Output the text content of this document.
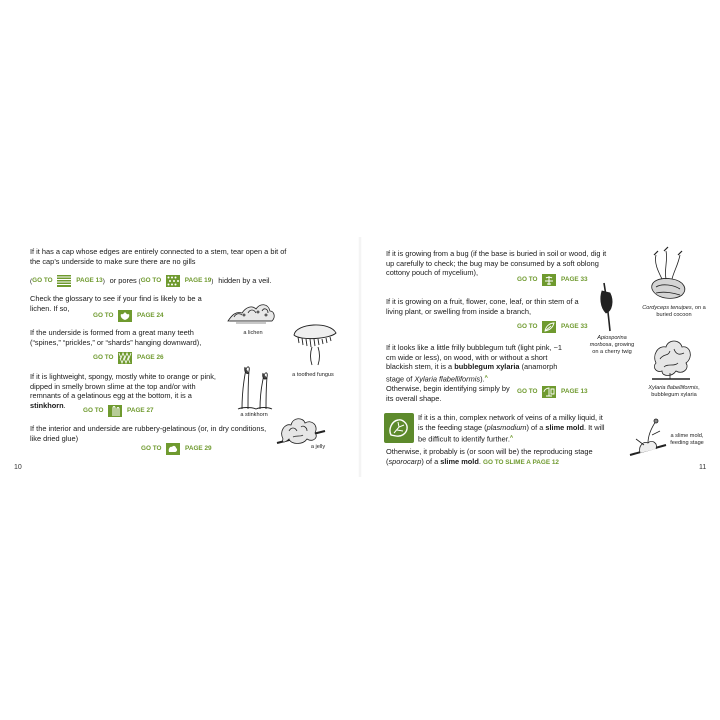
If it has a cap whose edges are entirely connected to a stem, tear open a bit of the cap’s underside to make sure there are no gills
(GO TO	PAGE 13) or pores (GO TO	PAGE 19) hidden by a veil.
Check the glossary to see if your find is likely to be a lichen. If so,
GO TO	PAGE 24
If the underside is formed from a great many teeth (“spines,” “prickles,” or “shards” hanging downward),
GO TO	PAGE 26
If it is lightweight, spongy, mostly white to orange or pink, dipped in smelly brown slime at the top and/or with remnants of a gelatinous egg at the bottom, it is a stinkhorn.
GO TO	PAGE 27
If the interior and underside are rubbery-gelatinous (or, in dry conditions, like dried glue)
GO TO	PAGE 29
a lichen
a toothed fungus
a stinkhorn
a jelly
10
If it is growing from a bug (if the base is buried in soil or wood, dig it up carefully to check; the bug may be consumed by a soft oblong cottony pouch of mycelium),
GO TO	PAGE 33
If it is growing on a fruit, flower, cone, leaf, or thin stem of a living plant, or swelling from inside a branch,
GO TO	PAGE 33
If it looks like a little frilly bubblegum tuft (light pink, ~1 cm wide or less), on wood, with or without a short blackish stem, it is a bubblegum xylaria (anamorph stage of Xylaria flabelliformis).$^A$
Otherwise, begin identifying simply by its overall shape.
GO TO	PAGE 13
If it is a thin, complex network of veins of a milky liquid, it is the feeding stage (plasmodium) of a slime mold. It will be difficult to identify further.$^A$
Otherwise, it probably is (or soon will be) the reproducing stage (sporocarp) of a slime mold. GO TO SLIME A PAGE 12
Cordyceps tenuipes, on a buried cocoon
Apiosporina morbosa, growing on a cherry twig
Xylaria flabelliformis, bubblegum xylaria
a slime mold, feeding stage
11
